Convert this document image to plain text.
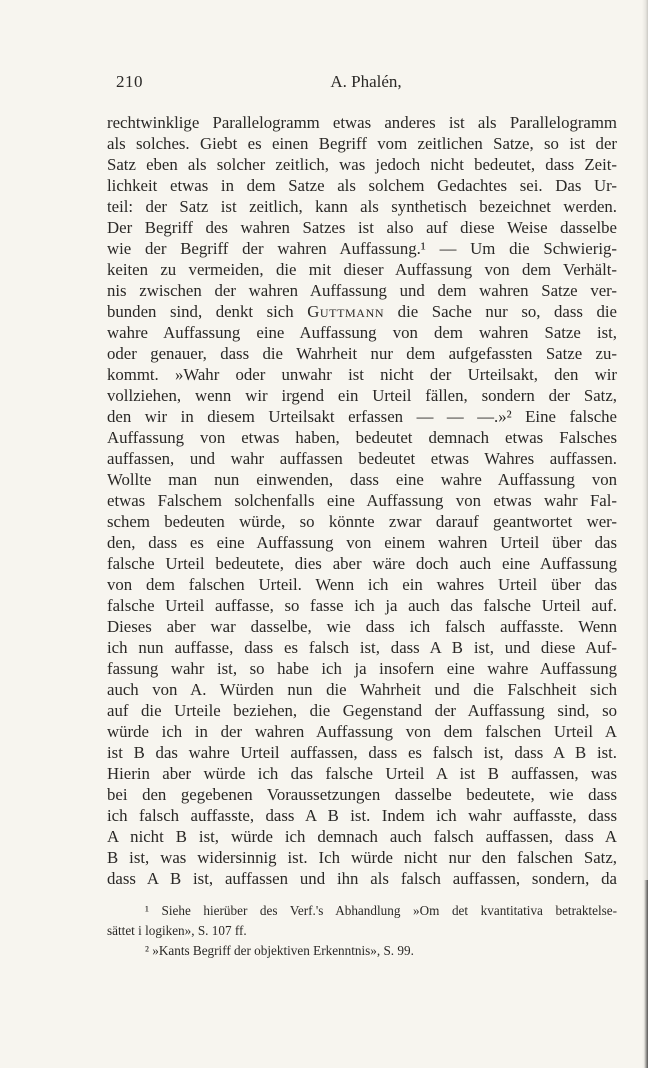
210	A. Phalén,
rechtwinklige Parallelogramm etwas anderes ist als Parallelogramm
als solches. Giebt es einen Begriff vom zeitlichen Satze, so ist der
Satz eben als solcher zeitlich, was jedoch nicht bedeutet, dass Zeit-
lichkeit etwas in dem Satze als solchem Gedachtes sei. Das Ur-
teil: der Satz ist zeitlich, kann als synthetisch bezeichnet werden.
Der Begriff des wahren Satzes ist also auf diese Weise dasselbe
wie der Begriff der wahren Auffassung.¹ — Um die Schwierig-
keiten zu vermeiden, die mit dieser Auffassung von dem Verhält-
nis zwischen der wahren Auffassung und dem wahren Satze ver-
bunden sind, denkt sich Guttmann die Sache nur so, dass die
wahre Auffassung eine Auffassung von dem wahren Satze ist,
oder genauer, dass die Wahrheit nur dem aufgefassten Satze zu-
kommt. »Wahr oder unwahr ist nicht der Urteilsakt, den wir
vollziehen, wenn wir irgend ein Urteil fällen, sondern der Satz,
den wir in diesem Urteilsakt erfassen — — —.»² Eine falsche
Auffassung von etwas haben, bedeutet demnach etwas Falsches
auffassen, und wahr auffassen bedeutet etwas Wahres auffassen.
Wollte man nun einwenden, dass eine wahre Auffassung von
etwas Falschem solchenfalls eine Auffassung von etwas wahr Fal-
schem bedeuten würde, so könnte zwar darauf geantwortet wer-
den, dass es eine Auffassung von einem wahren Urteil über das
falsche Urteil bedeutete, dies aber wäre doch auch eine Auffassung
von dem falschen Urteil. Wenn ich ein wahres Urteil über das
falsche Urteil auffasse, so fasse ich ja auch das falsche Urteil auf.
Dieses aber war dasselbe, wie dass ich falsch auffasste. Wenn
ich nun auffasse, dass es falsch ist, dass A B ist, und diese Auf-
fassung wahr ist, so habe ich ja insofern eine wahre Auffassung
auch von A. Würden nun die Wahrheit und die Falschheit sich
auf die Urteile beziehen, die Gegenstand der Auffassung sind, so
würde ich in der wahren Auffassung von dem falschen Urteil A
ist B das wahre Urteil auffassen, dass es falsch ist, dass A B ist.
Hierin aber würde ich das falsche Urteil A ist B auffassen, was
bei den gegebenen Voraussetzungen dasselbe bedeutete, wie dass
ich falsch auffasste, dass A B ist. Indem ich wahr auffasste, dass
A nicht B ist, würde ich demnach auch falsch auffassen, dass A
B ist, was widersinnig ist. Ich würde nicht nur den falschen Satz,
dass A B ist, auffassen und ihn als falsch auffassen, sondern, da
¹ Siehe hierüber des Verf.'s Abhandlung »Om det kvantitativa betraktelse-
sättet i logiken», S. 107 ff.
² »Kants Begriff der objektiven Erkenntnis», S. 99.
